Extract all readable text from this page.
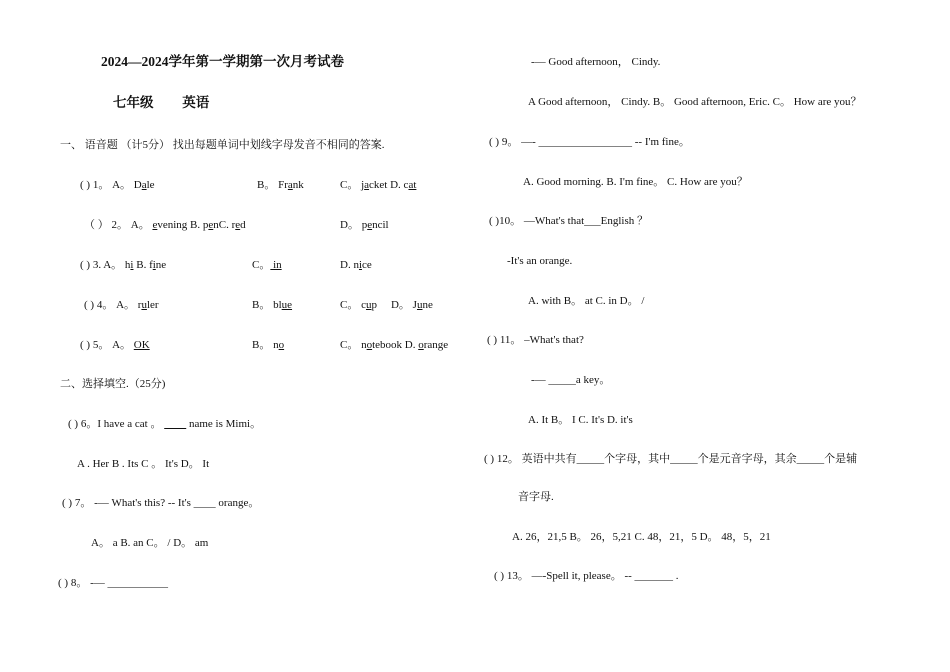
2024—2024学年第一学期第一次月考试卷
七年级 英语
一、 语音题 （计5分） 找出每题单词中划线字母发音不相同的答案.
( ) 1。 A。 Dale	B。 Frank	C。 jacket D. cat
（ ） 2。 A。 evening B. penC. red	D。 pencil
( ) 3. A。 hi B. fine	C。 in	D. nice
( ) 4。 A。 ruler	B。 blue	C。 cup D。 June
( ) 5。 A。 OK	B。 no	C。 notebook D. orange
二、选择填空.（25分)
( ) 6。I have a cat 。          name is Mimi。
A . Her B . Its C 。 It's D。 It
( ) 7。 -— What's this? -- It's ____ orange。
A。 a B. an C。 / D。 am
( ) 8。 -— ___________
-— Good afternoon， Cindy.
A Good afternoon， Cindy. B。 Good afternoon, Eric. C。 How are you？
( ) 9。 —- _________________ -- I'm fine。
A. Good morning. B. I'm fine。 C. How are you？
( )10。 —What's that___English ？
-It's an orange.
A. with B。 at C. in D。 /
( ) 11。 –What's that?
-— _____a key。
A. It B。 I C. It's D. it's
( ) 12。 英语中共有_____个字母，其中_____个是元音字母，其余_____个是辅
音字母.
A. 26，21,5 B。 26，5,21 C. 48，21，5 D。 48，5，21
( ) 13。 —-Spell it, please。 -- _______ .
